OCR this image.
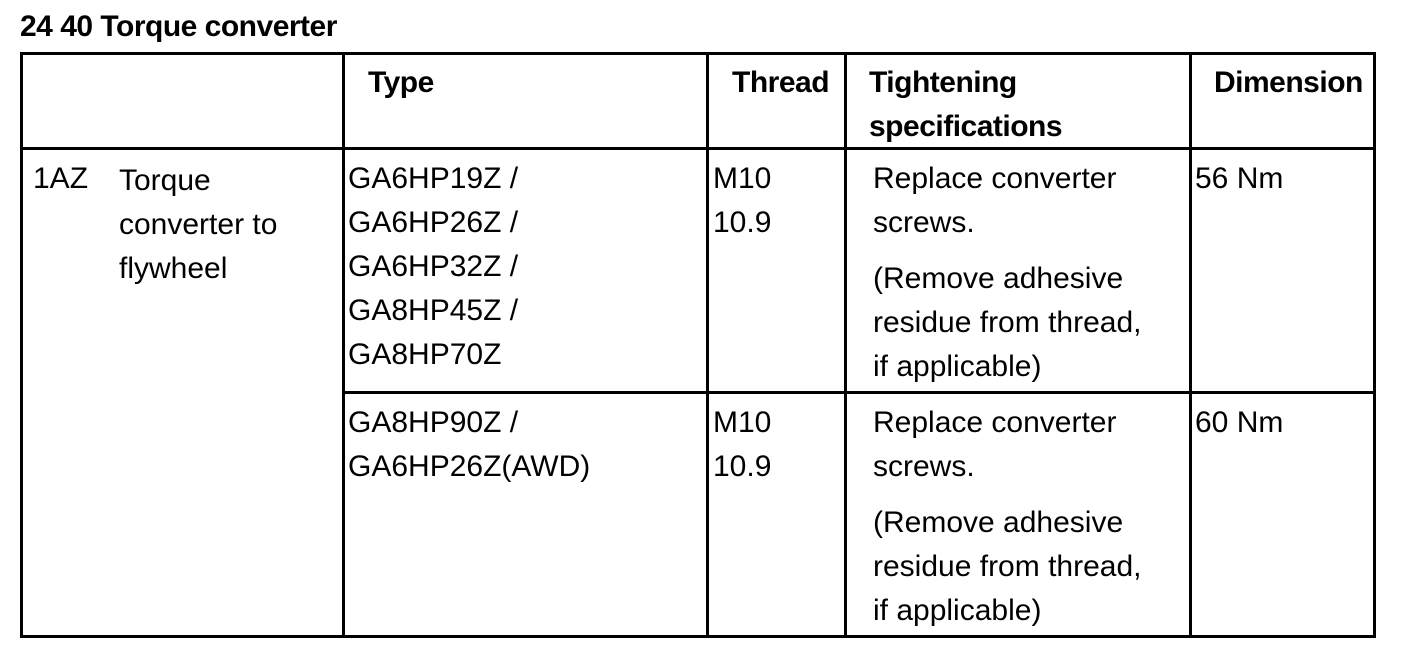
24 40 Torque converter
Type	Thread Tightening
specifications
Dimension
1AZ Torque
converter to
flywheel
GA6HP19Z /
GA6HP26Z /
GA6HP32Z /
GA8HP45Z /
GA8HP70Z
M10
10.9
Replace converter
screws.
(Remove adhesive
residue from thread,
if applicable)
56 Nm
GA8HP90Z /
GA6HP26Z(AWD)
M10
10.9
Replace converter
screws.
(Remove adhesive
residue from thread,
if applicable)
60 Nm
